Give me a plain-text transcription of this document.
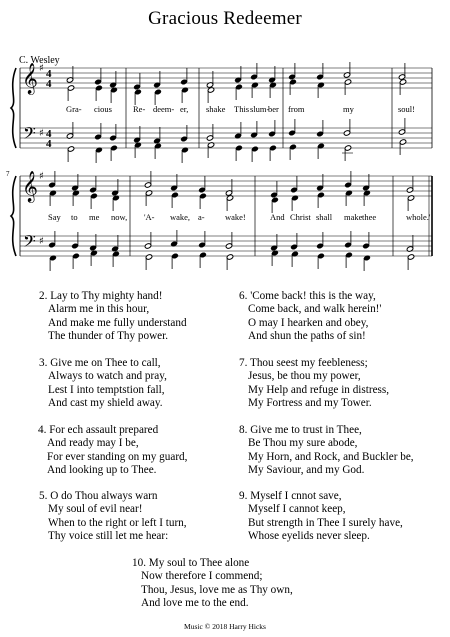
Gracious Redeemer
C. Wesley
𝄞
𝄢
♯
♯
4
4
4
4
Gra- cious Re- deem- er, shake This slum-
ber from	my	soul!
7 𝄞
𝄢
♯
♯
Say to me now, 'A- wake, a- wake!	And Christ shall make thee	whole.'
2. Lay to Thy mighty hand!
Alarm me in this hour,
And make me fully understand
The thunder of Thy power.
3. Give me on Thee to call,
Always to watch and pray,
Lest I into temptstion fall,
And cast my shield away.
4. For ech assault prepared
And ready may I be,
For ever standing on my guard,
And looking up to Thee.
5. O do Thou always warn
My soul of evil near!
When to the right or left I turn,
Thy voice still let me hear:
6. 'Come back! this is the way,
Come back, and walk herein!'
O may I hearken and obey,
And shun the paths of sin!
7. Thou seest my feebleness;
Jesus, be thou my power,
My Help and refuge in distress,
My Fortress and my Tower.
8. Give me to trust in Thee,
Be Thou my sure abode,
My Horn, and Rock, and Buckler be,
My Saviour, and my God.
9. Myself I cnnot save,
Myself I cannot keep,
But strength in Thee I surely have,
Whose eyelids never sleep.
10. My soul to Thee alone
Now therefore I commend;
Thou, Jesus, love me as Thy own,
And love me to the end.
Music © 2018 Harry Hicks
